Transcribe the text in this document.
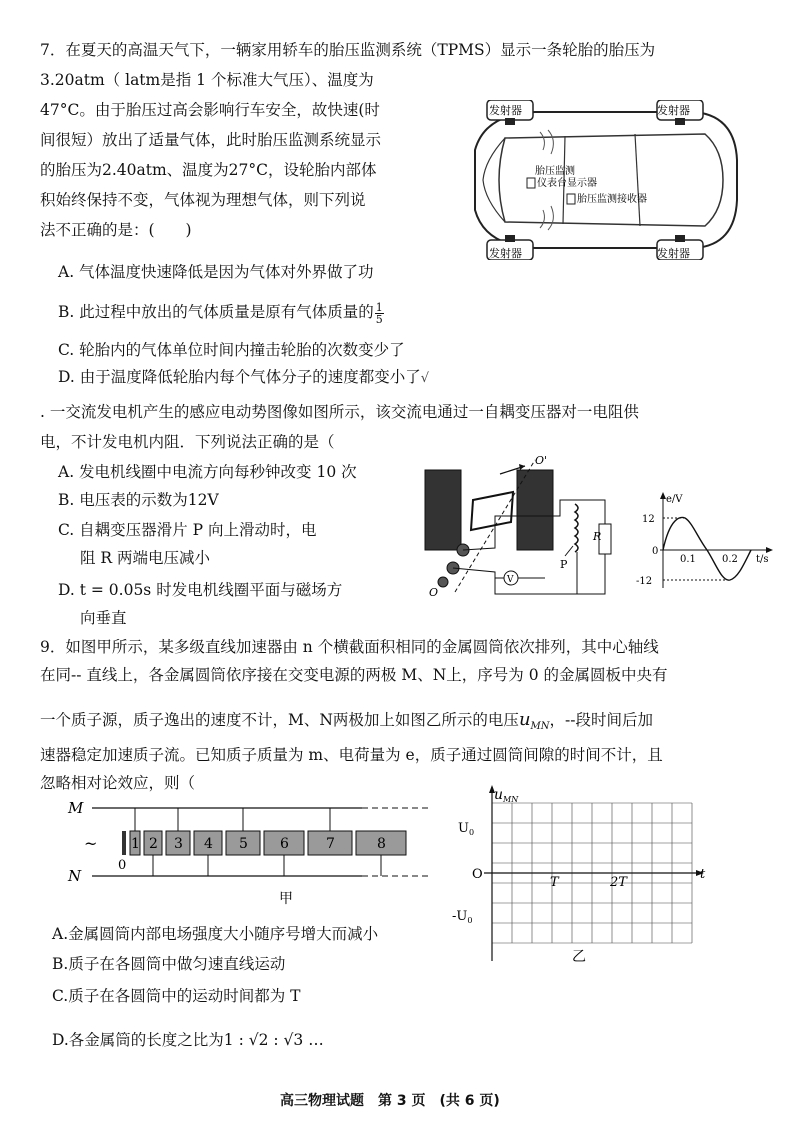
7．在夏天的高温天气下，一辆家用轿车的胎压监测系统（TPMS）显示一条轮胎的胎压为
3.20atm（ latm是指 1 个标准大气压）、温度为
47°C。由于胎压过高会影响行车安全，故快速(时
间很短）放出了适量气体，此时胎压监测系统显示
的胎压为2.40atm、温度为27°C，设轮胎内部体
积始终保持不变，气体视为理想气体，则下列说
法不正确的是：(　　)
A. 气体温度快速降低是因为气体对外界做了功
B. 此过程中放出的气体质量是原有气体质量的 $\frac{1}{5}$
C. 轮胎内的气体单位时间内撞击轮胎的次数变少了
D. 由于温度降低轮胎内每个气体分子的速度都变小了√
发射器	发射器
发射器	发射器
胎压监测
仪表台显示器
胎压监测接收器
. 一交流发电机产生的感应电动势图像如图所示，该交流电通过一自耦变压器对一电阻供
电，不计发电机内阻．下列说法正确的是（
A. 发电机线圈中电流方向每秒钟改变 10 次
B. 电压表的示数为12V
C. 自耦变压器滑片 P 向上滑动时，电
阻 R 两端电压减小
D. t = 0.05s 时发电机线圈平面与磁场方
向垂直
O'
O
P
R
V
e/V
t/s
12
-12
0
0.1	0.2
9．如图甲所示，某多级直线加速器由 n 个横截面积相同的金属圆筒依次排列，其中心轴线
在同-- 直线上，各金属圆筒依序接在交变电源的两极 M、N上，序号为 0 的金属圆板中央有
一个质子源，质子逸出的速度不计，M、N两极加上如图乙所示的电压$u_{MN}$，--段时间后加
速器稳定加速质子流。已知质子质量为 m、电荷量为 e，质子通过圆筒间隙的时间不计，且
忽略相对论效应，则（
M
N
~
0
1 2 3 4 5 6	7	8
甲
$u_{MN}$
$U_0$
$-U_0$
O
T	2T
t
乙
A.金属圆筒内部电场强度大小随序号增大而减小
B.质子在各圆筒中做匀速直线运动
C.质子在各圆筒中的运动时间都为 T
D.各金属筒的长度之比为1 : √2 : √3 …
高三物理试题　第 3 页　(共 6 页)
